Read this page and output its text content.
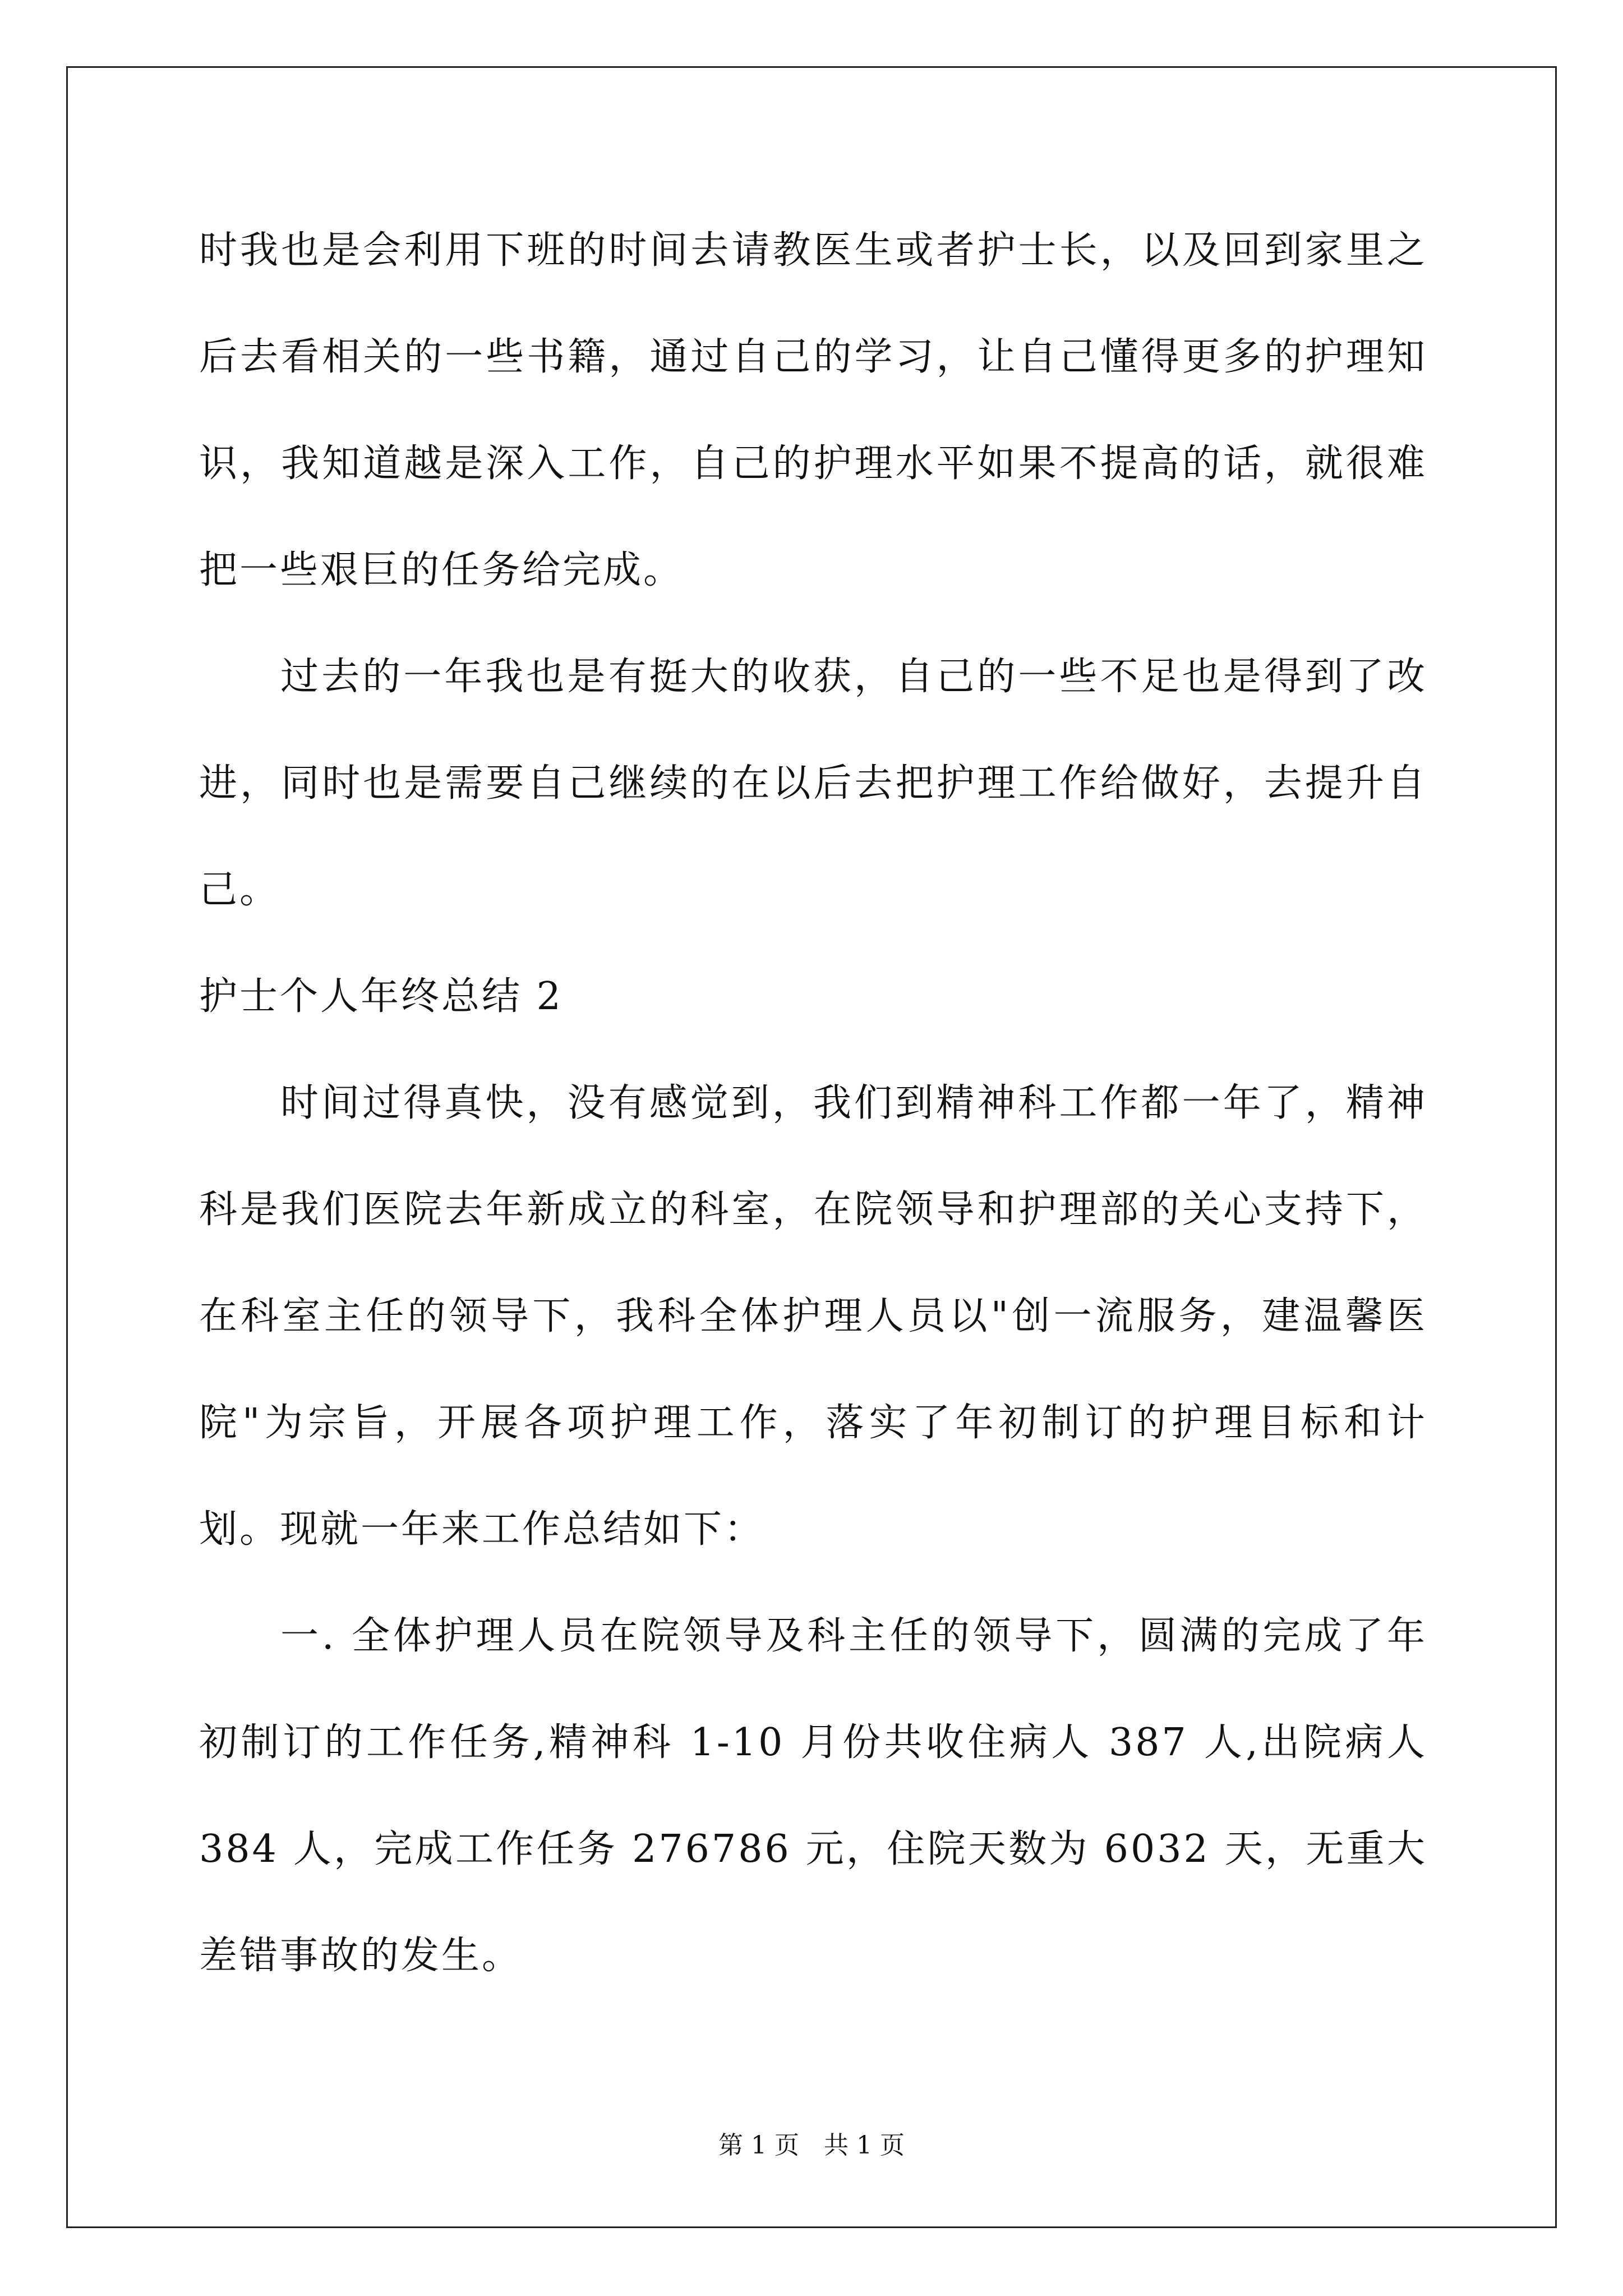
时我也是会利用下班的时间去请教医生或者护士长，以及回到家里之后去看相关的一些书籍，通过自己的学习，让自己懂得更多的护理知识，我知道越是深入工作，自己的护理水平如果不提高的话，就很难把一些艰巨的任务给完成。

过去的一年我也是有挺大的收获，自己的一些不足也是得到了改进，同时也是需要自己继续的在以后去把护理工作给做好，去提升自己。

护士个人年终总结 2

时间过得真快，没有感觉到，我们到精神科工作都一年了，精神科是我们医院去年新成立的科室，在院领导和护理部的关心支持下，在科室主任的领导下，我科全体护理人员以"创一流服务，建温馨医院"为宗旨，开展各项护理工作，落实了年初制订的护理目标和计划。现就一年来工作总结如下：

一. 全体护理人员在院领导及科主任的领导下，圆满的完成了年初制订的工作任务,精神科 1-10 月份共收住病人 387 人,出院病人 384 人，完成工作任务 276786 元，住院天数为 6032 天，无重大差错事故的发生。

第 1 页　共 1 页
